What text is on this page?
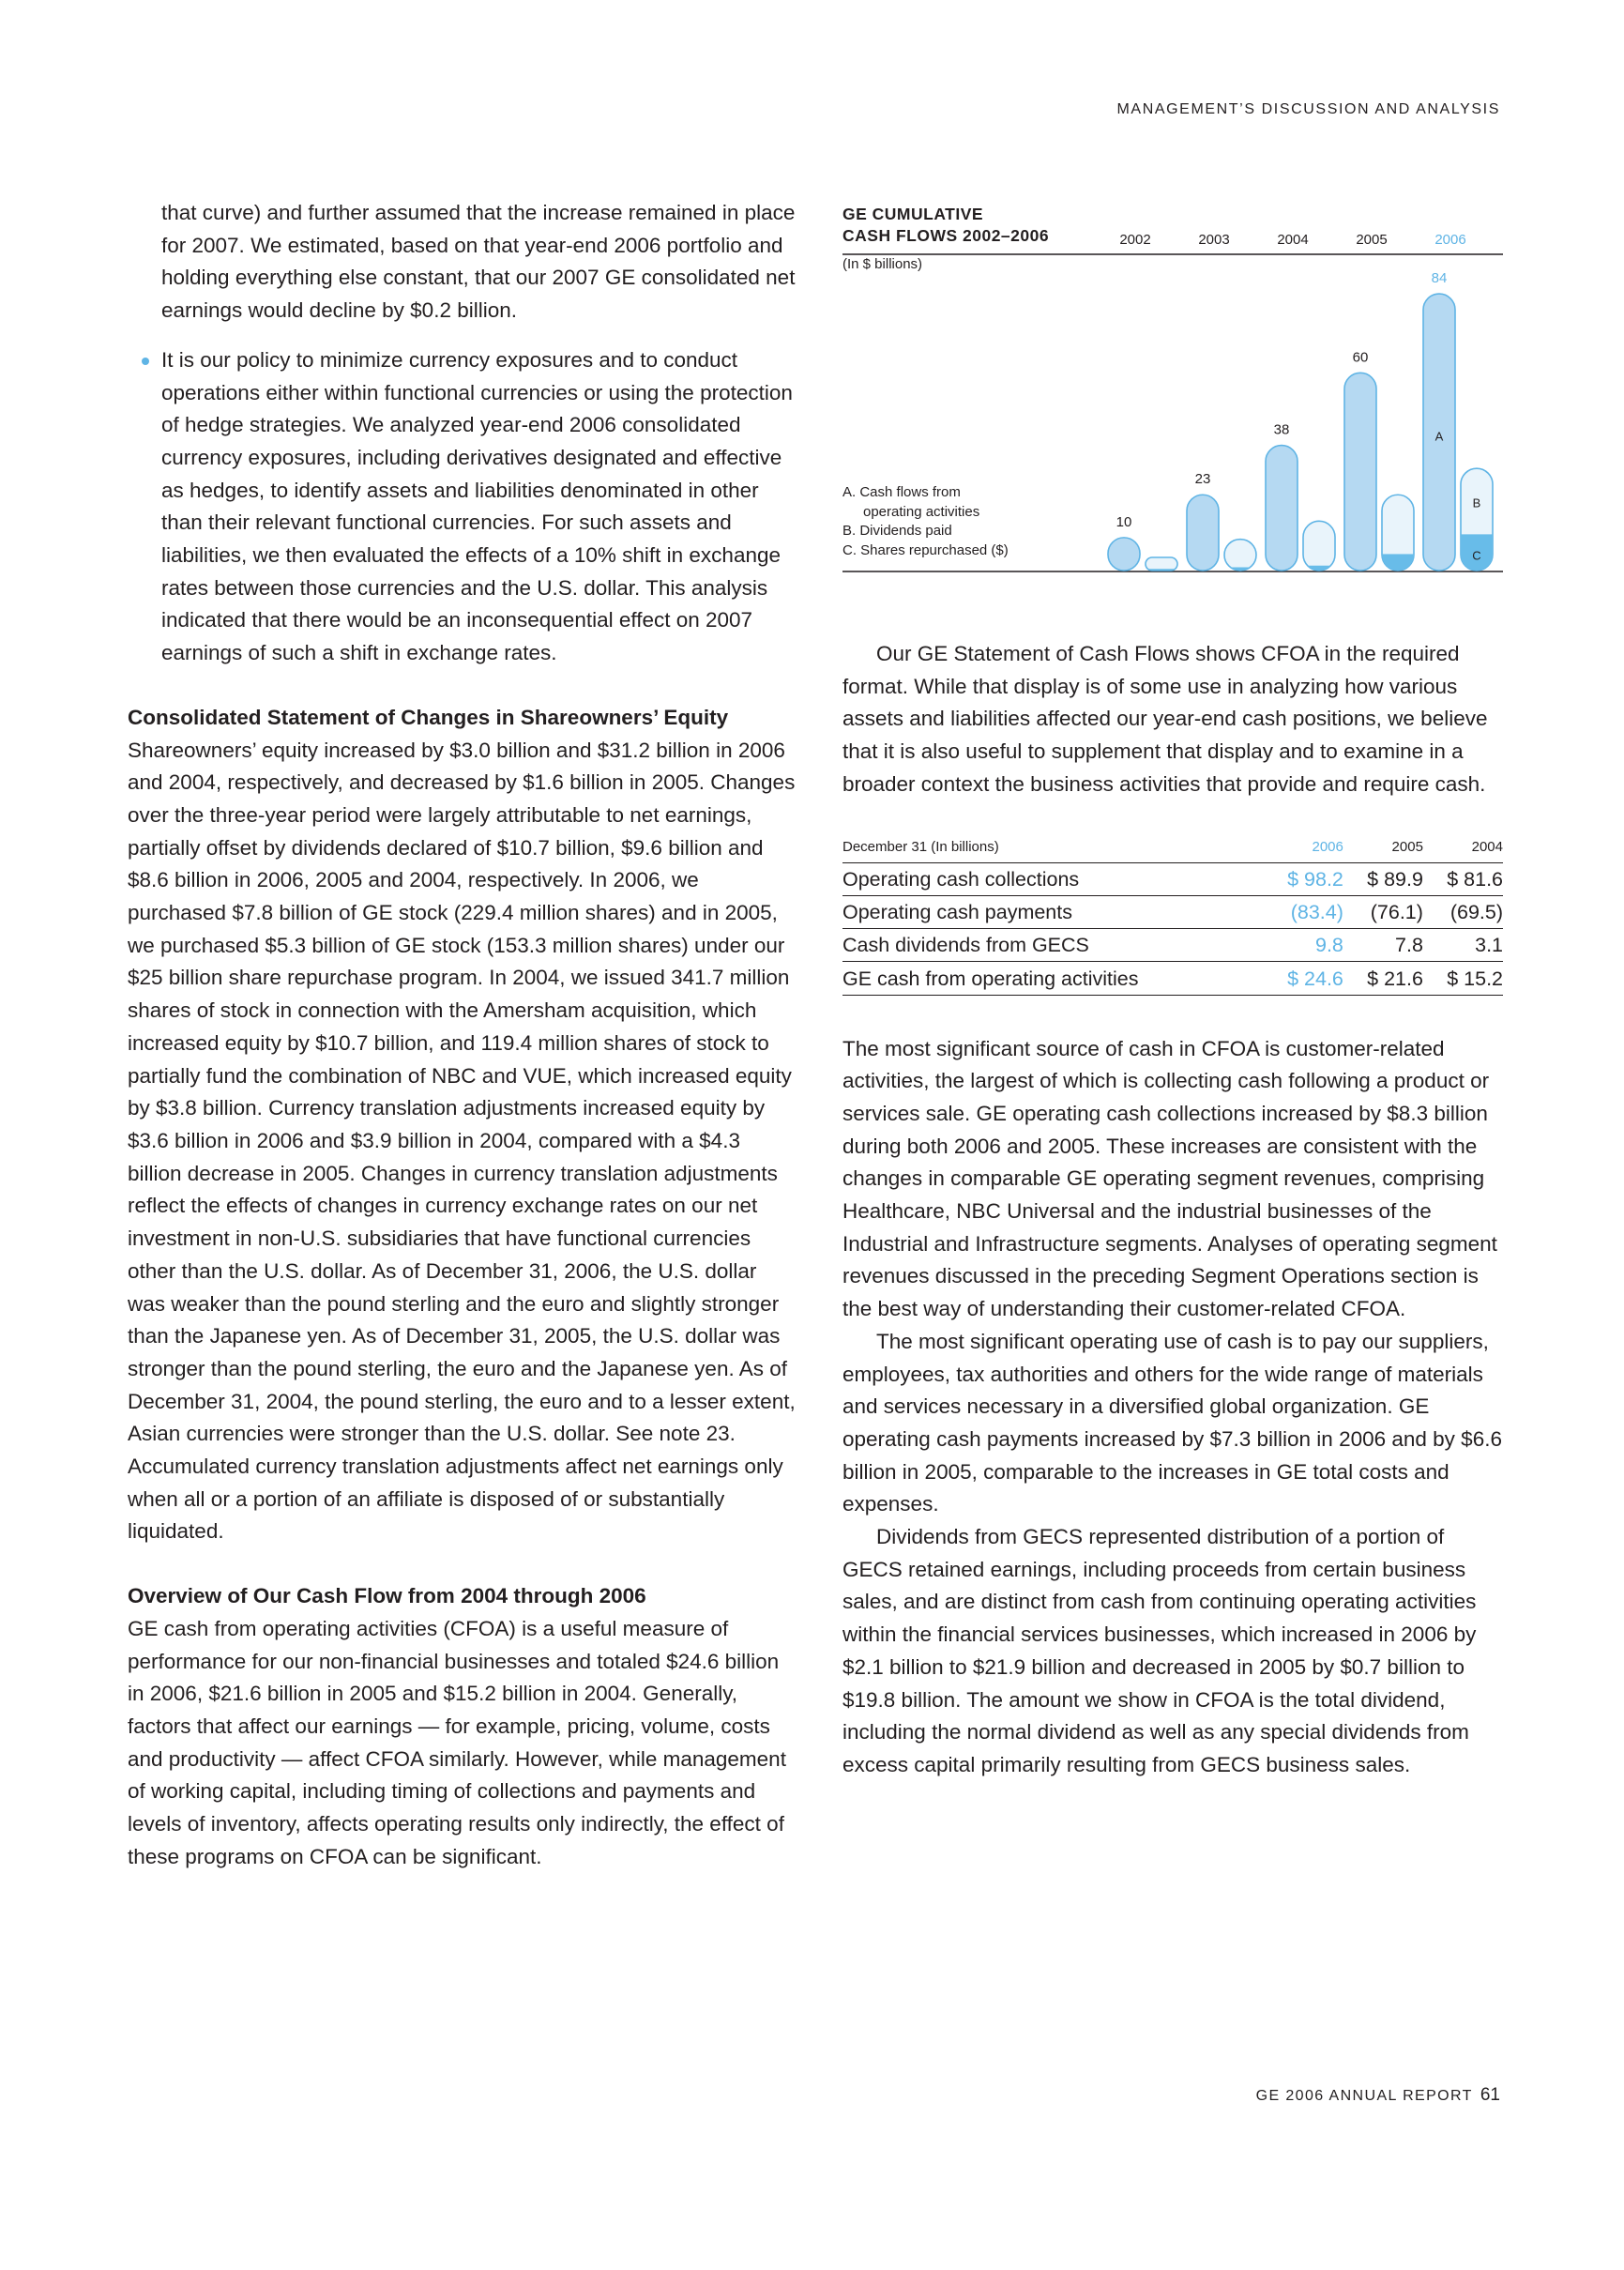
MANAGEMENT’S DISCUSSION AND ANALYSIS

that curve) and further assumed that the increase remained in place for 2007. We estimated, based on that year-end 2006 portfolio and holding everything else constant, that our 2007 GE consolidated net earnings would decline by $0.2 billion.

It is our policy to minimize currency exposures and to conduct operations either within functional currencies or using the protection of hedge strategies. We analyzed year-end 2006 consolidated currency exposures, including derivatives designated and effective as hedges, to identify assets and liabilities denominated in other than their relevant functional currencies. For such assets and liabilities, we then evaluated the effects of a 10% shift in exchange rates between those currencies and the U.S. dollar. This analysis indicated that there would be an inconsequential effect on 2007 earnings of such a shift in exchange rates.

Consolidated Statement of Changes in Shareowners’ Equity

Shareowners’ equity increased by $3.0 billion and $31.2 billion in 2006 and 2004, respectively, and decreased by $1.6 billion in 2005. Changes over the three-year period were largely attributable to net earnings, partially offset by dividends declared of $10.7 billion, $9.6 billion and $8.6 billion in 2006, 2005 and 2004, respectively. In 2006, we purchased $7.8 billion of GE stock (229.4 million shares) and in 2005, we purchased $5.3 billion of GE stock (153.3 million shares) under our $25 billion share repurchase program. In 2004, we issued 341.7 million shares of stock in connection with the Amersham acquisition, which increased equity by $10.7 billion, and 119.4 million shares of stock to partially fund the combination of NBC and VUE, which increased equity by $3.8 billion. Currency translation adjustments increased equity by $3.6 billion in 2006 and $3.9 billion in 2004, compared with a $4.3 billion decrease in 2005. Changes in currency translation adjustments reflect the effects of changes in currency exchange rates on our net investment in non-U.S. subsidiaries that have functional currencies other than the U.S. dollar. As of December 31, 2006, the U.S. dollar was weaker than the pound sterling and the euro and slightly stronger than the Japanese yen. As of December 31, 2005, the U.S. dollar was stronger than the pound sterling, the euro and the Japanese yen. As of December 31, 2004, the pound sterling, the euro and to a lesser extent, Asian currencies were stronger than the U.S. dollar. See note 23. Accumulated currency translation adjustments affect net earnings only when all or a portion of an affiliate is disposed of or substantially liquidated.

Overview of Our Cash Flow from 2004 through 2006

GE cash from operating activities (CFOA) is a useful measure of performance for our non-financial businesses and totaled $24.6 billion in 2006, $21.6 billion in 2005 and $15.2 billion in 2004. Generally, factors that affect our earnings — for example, pricing, volume, costs and productivity — affect CFOA similarly. However, while management of working capital, including timing of collections and payments and levels of inventory, affects operating results only indirectly, the effect of these programs on CFOA can be significant.

GE CUMULATIVE
CASH FLOWS 2002–2006
(In $ billions)
A. Cash flows from
operating activities
B. Dividends paid
C. Shares repurchased ($)
2002
10
2003
23
2004
38
2005
60
2006
84
A
B
C

Our GE Statement of Cash Flows shows CFOA in the required format. While that display is of some use in analyzing how various assets and liabilities affected our year-end cash positions, we believe that it is also useful to supplement that display and to examine in a broader context the business activities that provide and require cash.

December 31 (In billions)	2006	2005	2004
Operating cash collections	$ 98.2	$ 89.9	$ 81.6
Operating cash payments	(83.4)	(76.1)	(69.5)
Cash dividends from GECS	9.8	7.8	3.1
GE cash from operating activities	$ 24.6	$ 21.6	$ 15.2

The most significant source of cash in CFOA is customer-related activities, the largest of which is collecting cash following a product or services sale. GE operating cash collections increased by $8.3 billion during both 2006 and 2005. These increases are consistent with the changes in comparable GE operating segment revenues, comprising Healthcare, NBC Universal and the industrial businesses of the Industrial and Infrastructure segments. Analyses of operating segment revenues discussed in the preceding Segment Operations section is the best way of understanding their customer-related CFOA.

The most significant operating use of cash is to pay our suppliers, employees, tax authorities and others for the wide range of materials and services necessary in a diversified global organization. GE operating cash payments increased by $7.3 billion in 2006 and by $6.6 billion in 2005, comparable to the increases in GE total costs and expenses.

Dividends from GECS represented distribution of a portion of GECS retained earnings, including proceeds from certain business sales, and are distinct from cash from continuing operating activities within the financial services businesses, which increased in 2006 by $2.1 billion to $21.9 billion and decreased in 2005 by $0.7 billion to $19.8 billion. The amount we show in CFOA is the total dividend, including the normal dividend as well as any special dividends from excess capital primarily resulting from GECS business sales.

GE 2006 ANNUAL REPORT 61
